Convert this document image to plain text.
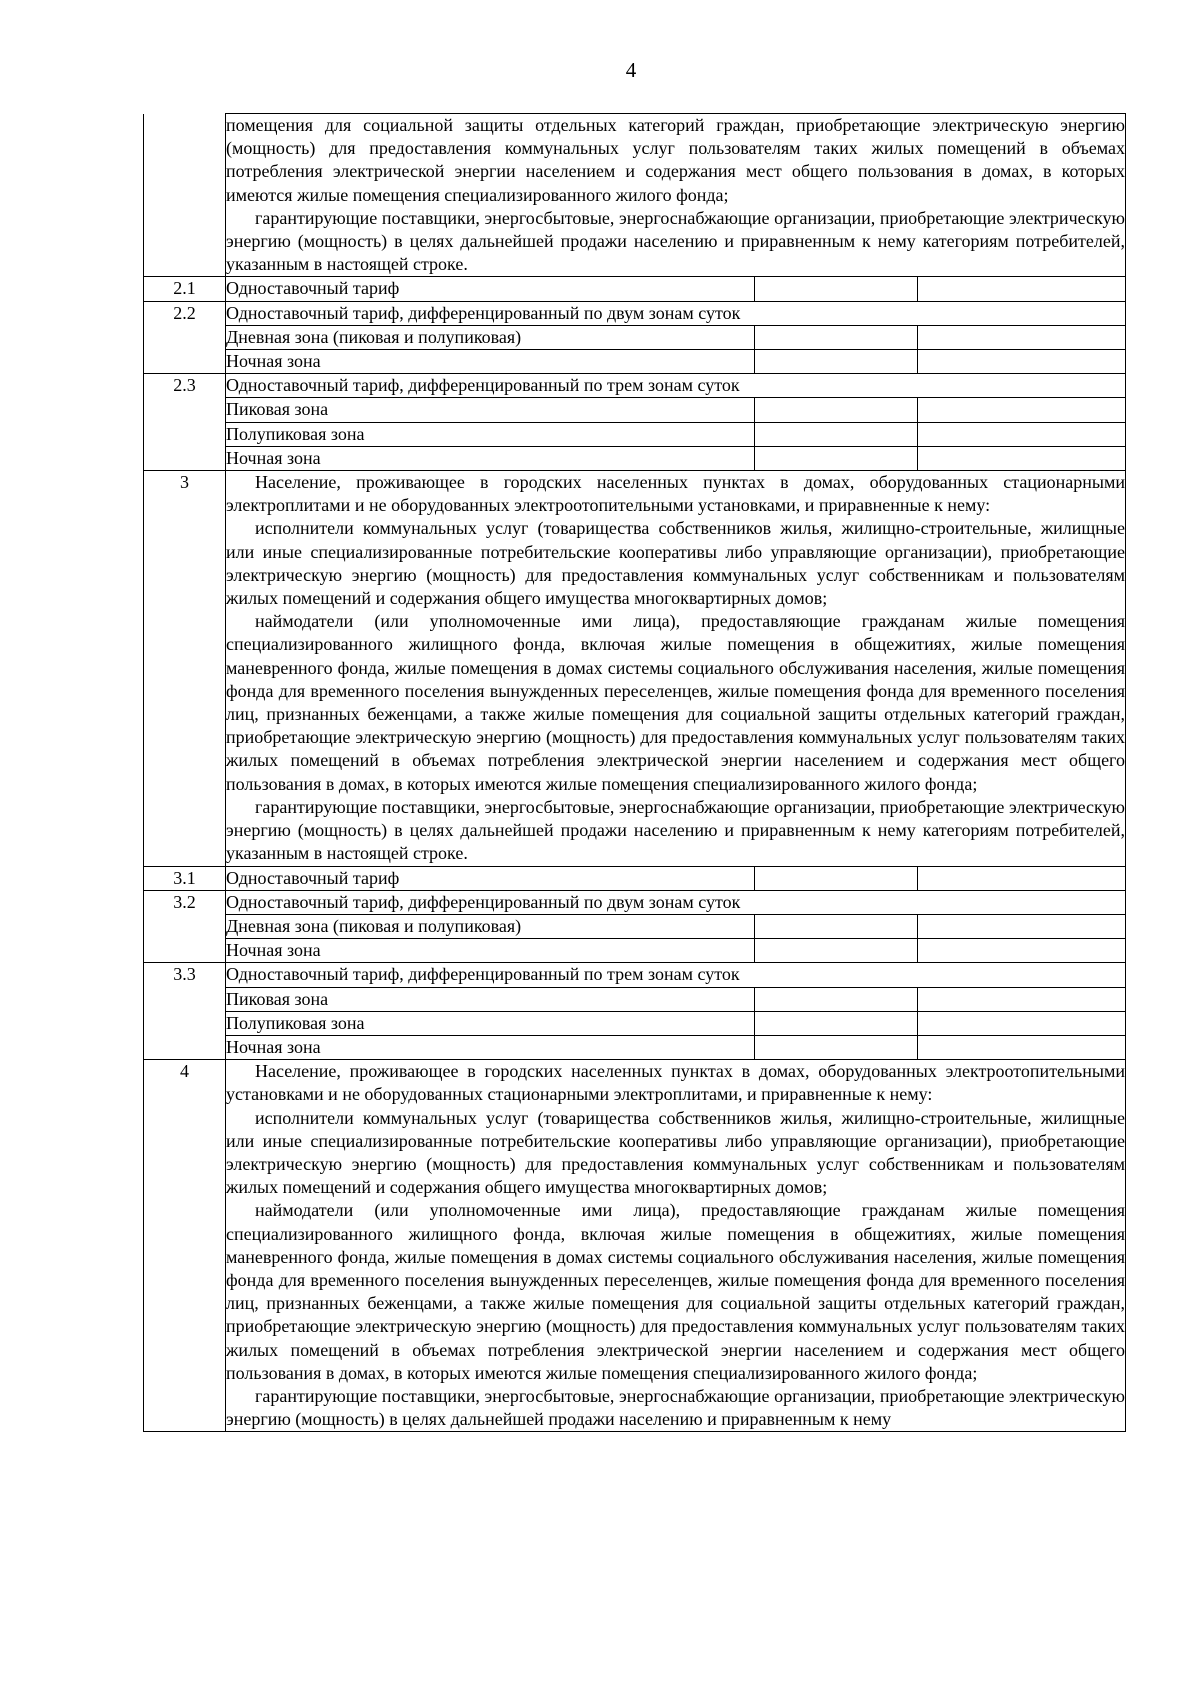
4

	помещения для социальной защиты отдельных категорий граждан, приобретающие электрическую энергию (мощность) для предоставления коммунальных услуг пользователям таких жилых помещений в объемах потребления электрической энергии населением и содержания мест общего пользования в домах, в которых имеются жилые помещения специализированного жилого фонда;

гарантирующие поставщики, энергосбытовые, энергоснабжающие организации, приобретающие электрическую энергию (мощность) в целях дальнейшей продажи населению и приравненным к нему категориям потребителей, указанным в настоящей строке.		

2.1	Одноставочный тариф		
2.2	Одноставочный тариф, дифференцированный по двум зонам суток		
	Дневная зона (пиковая и полупиковая)		
	Ночная зона		
2.3	Одноставочный тариф, дифференцированный по трем зонам суток		
	Пиковая зона		
	Полупиковая зона		
	Ночная зона		
3	Население, проживающее в городских населенных пунктах в домах, оборудованных стационарными электроплитами и не оборудованных электроотопительными установками, и приравненные к нему:

исполнители коммунальных услуг (товарищества собственников жилья, жилищно-строительные, жилищные или иные специализированные потребительские кооперативы либо управляющие организации), приобретающие электрическую энергию (мощность) для предоставления коммунальных услуг собственникам и пользователям жилых помещений и содержания общего имущества многоквартирных домов;

наймодатели (или уполномоченные ими лица), предоставляющие гражданам жилые помещения специализированного жилищного фонда, включая жилые помещения в общежитиях, жилые помещения маневренного фонда, жилые помещения в домах системы социального обслуживания населения, жилые помещения фонда для временного поселения вынужденных переселенцев, жилые помещения фонда для временного поселения лиц, признанных беженцами, а также жилые помещения для социальной защиты отдельных категорий граждан, приобретающие электрическую энергию (мощность) для предоставления коммунальных услуг пользователям таких жилых помещений в объемах потребления электрической энергии населением и содержания мест общего пользования в домах, в которых имеются жилые помещения специализированного жилого фонда;

гарантирующие поставщики, энергосбытовые, энергоснабжающие организации, приобретающие электрическую энергию (мощность) в целях дальнейшей продажи населению и приравненным к нему категориям потребителей, указанным в настоящей строке.		

3.1	Одноставочный тариф		
3.2	Одноставочный тариф, дифференцированный по двум зонам суток		
	Дневная зона (пиковая и полупиковая)		
	Ночная зона		
3.3	Одноставочный тариф, дифференцированный по трем зонам суток		
	Пиковая зона		
	Полупиковая зона		
	Ночная зона		
4	Население, проживающее в городских населенных пунктах в домах, оборудованных электроотопительными установками и не оборудованных стационарными электроплитами, и приравненные к нему:

исполнители коммунальных услуг (товарищества собственников жилья, жилищно-строительные, жилищные или иные специализированные потребительские кооперативы либо управляющие организации), приобретающие электрическую энергию (мощность) для предоставления коммунальных услуг собственникам и пользователям жилых помещений и содержания общего имущества многоквартирных домов;

наймодатели (или уполномоченные ими лица), предоставляющие гражданам жилые помещения специализированного жилищного фонда, включая жилые помещения в общежитиях, жилые помещения маневренного фонда, жилые помещения в домах системы социального обслуживания населения, жилые помещения фонда для временного поселения вынужденных переселенцев, жилые помещения фонда для временного поселения лиц, признанных беженцами, а также жилые помещения для социальной защиты отдельных категорий граждан, приобретающие электрическую энергию (мощность) для предоставления коммунальных услуг пользователям таких жилых помещений в объемах потребления электрической энергии населением и содержания мест общего пользования в домах, в которых имеются жилые помещения специализированного жилого фонда;

гарантирующие поставщики, энергосбытовые, энергоснабжающие организации, приобретающие электрическую энергию (мощность) в целях дальнейшей продажи населению и приравненным к нему		
